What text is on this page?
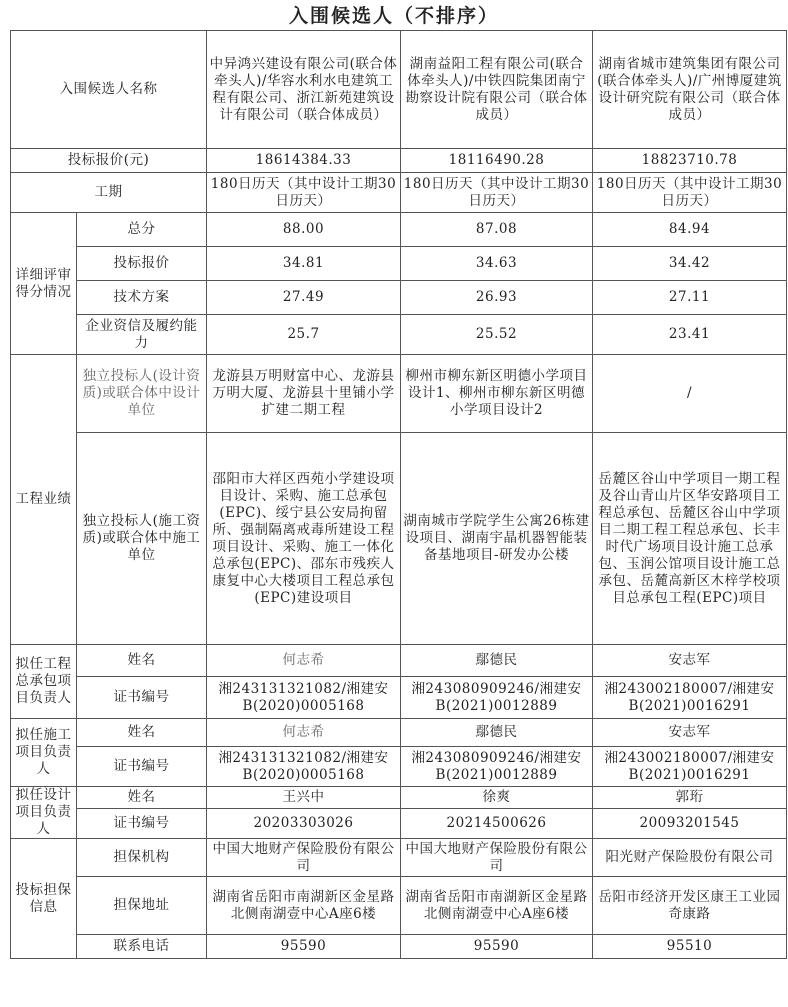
入围候选人（不排序）
入围候选人名称		中异鸿兴建设有限公司(联合体牵头人)/华容水利水电建筑工程有限公司、浙江新苑建筑设计有限公司（联合体成员）	湖南益阳工程有限公司(联合体牵头人)/中铁四院集团南宁勘察设计院有限公司（联合体成员）	湖南省城市建筑集团有限公司(联合体牵头人)/广州博厦建筑设计研究院有限公司（联合体成员）
投标报价(元)		18614384.33	18116490.28	18823710.78
工期		180日历天（其中设计工期30日历天）	180日历天（其中设计工期30日历天）	180日历天（其中设计工期30日历天）
详细评审得分情况	总分	88.00	87.08	84.94
	投标报价	34.81	34.63	34.42
	技术方案	27.49	26.93	27.11
	企业资信及履约能力	25.7	25.52	23.41
工程业绩	独立投标人(设计资质)或联合体中设计单位	龙游县万明财富中心、龙游县万明大厦、龙游县十里铺小学扩建二期工程	柳州市柳东新区明德小学项目设计1、柳州市柳东新区明德小学项目设计2	/
	独立投标人(施工资质)或联合体中施工单位	邵阳市大祥区西苑小学建设项目设计、采购、施工总承包(EPC)、绥宁县公安局拘留所、强制隔离戒毒所建设工程项目设计、采购、施工一体化总承包(EPC)、邵东市残疾人康复中心大楼项目工程总承包(EPC)建设项目	湖南城市学院学生公寓26栋建设项目、湖南宇晶机器智能装备基地项目-研发办公楼	岳麓区谷山中学项目一期工程及谷山青山片区华安路项目工程总承包、岳麓区谷山中学项目二期工程工程总承包、长丰时代广场项目设计施工总承包、玉润公馆项目设计施工总承包、岳麓高新区木梓学校项目总承包工程(EPC)项目
拟任工程总承包项目负责人	姓名	何志希	鄢德民	安志军
	证书编号	湘243131321082/湘建安B(2020)0005168	湘243080909246/湘建安B(2021)0012889	湘243002180007/湘建安B(2021)0016291
拟任施工项目负责人	姓名	何志希	鄢德民	安志军
	证书编号	湘243131321082/湘建安B(2020)0005168	湘243080909246/湘建安B(2021)0012889	湘243002180007/湘建安B(2021)0016291
拟任设计项目负责人	姓名	王兴中	徐爽	郭珩
	证书编号	20203303026	20214500626	20093201545
投标担保信息	担保机构	中国大地财产保险股份有限公司	中国大地财产保险股份有限公司	阳光财产保险股份有限公司
	担保地址	湖南省岳阳市南湖新区金星路北侧南湖壹中心A座6楼	湖南省岳阳市南湖新区金星路北侧南湖壹中心A座6楼	岳阳市经济开发区康王工业园奇康路
	联系电话	95590	95590	95510
